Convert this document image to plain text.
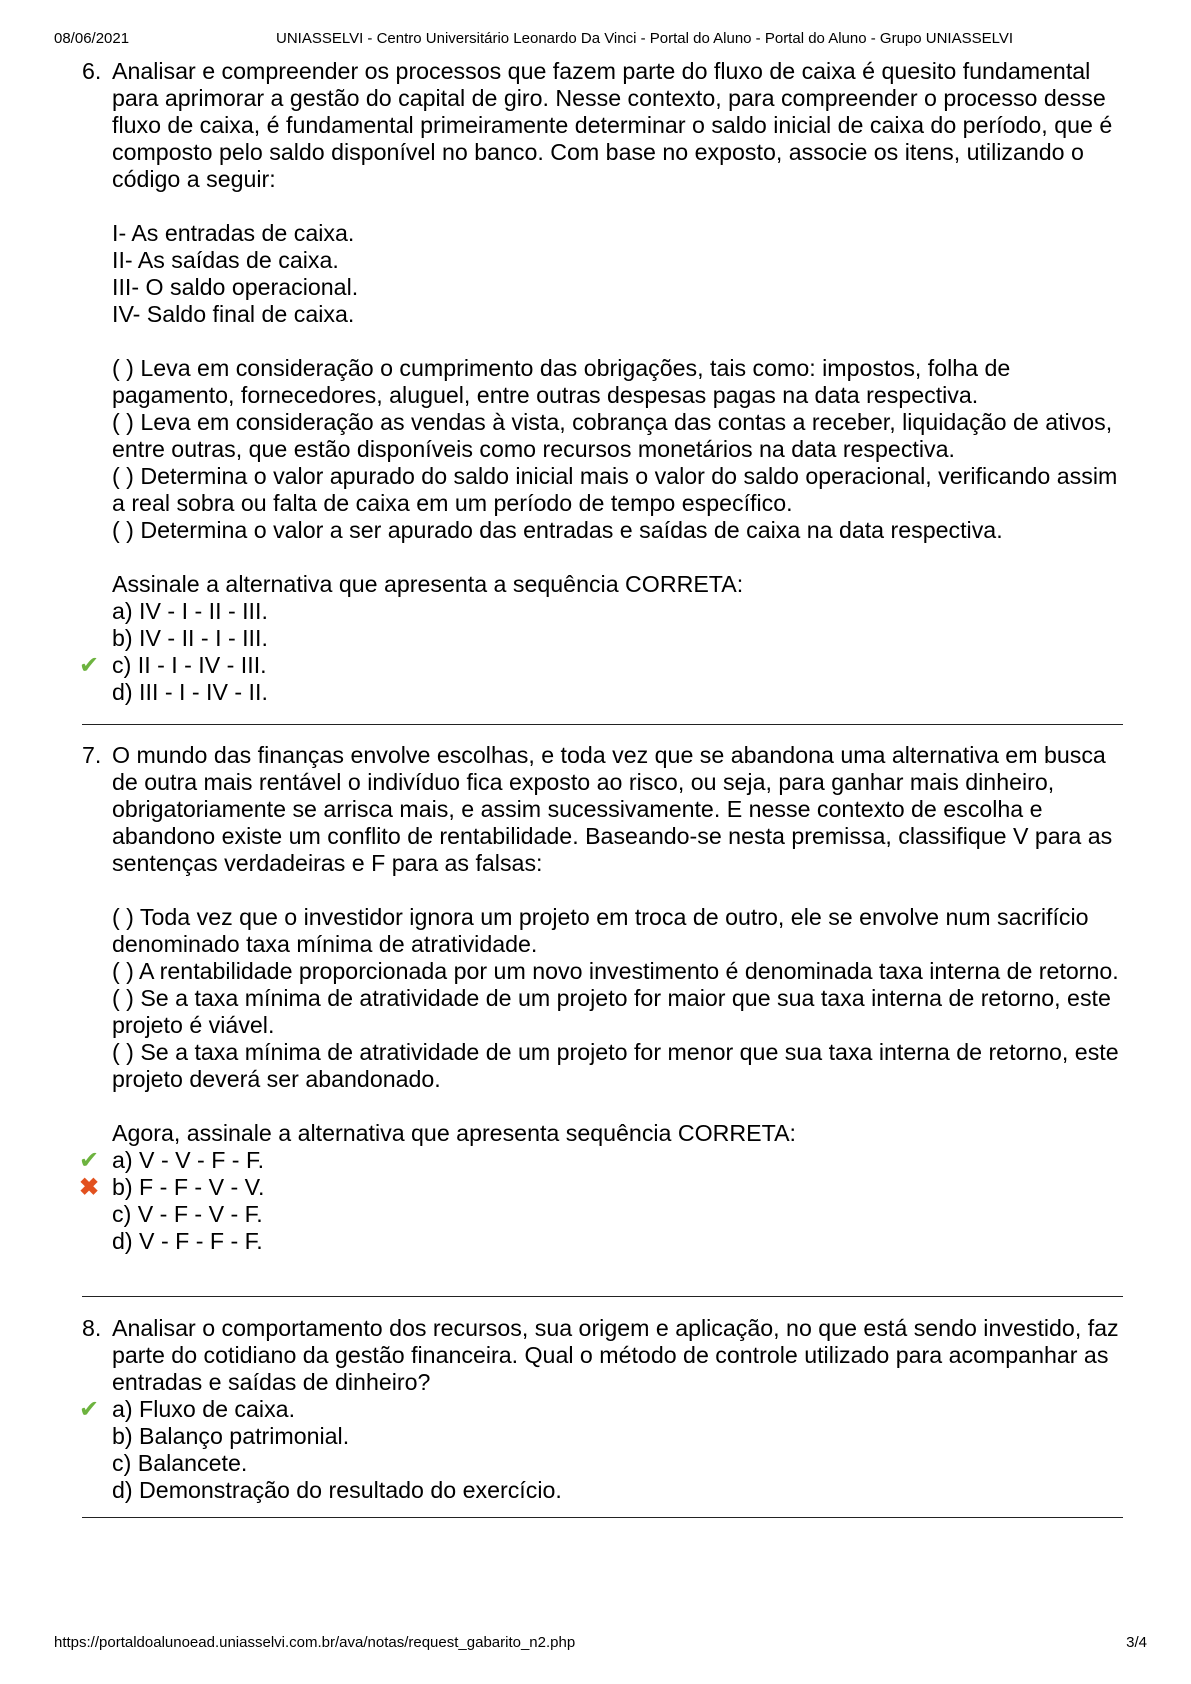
08/06/2021	UNIASSELVI - Centro Universitário Leonardo Da Vinci - Portal do Aluno - Portal do Aluno - Grupo UNIASSELVI
6. Analisar e compreender os processos que fazem parte do fluxo de caixa é quesito fundamental para aprimorar a gestão do capital de giro. Nesse contexto, para compreender o processo desse fluxo de caixa, é fundamental primeiramente determinar o saldo inicial de caixa do período, que é composto pelo saldo disponível no banco. Com base no exposto, associe os itens, utilizando o código a seguir:

I- As entradas de caixa.

II- As saídas de caixa.

III- O saldo operacional.

IV- Saldo final de caixa.

( ) Leva em consideração o cumprimento das obrigações, tais como: impostos, folha de pagamento, fornecedores, aluguel, entre outras despesas pagas na data respectiva.

( ) Leva em consideração as vendas à vista, cobrança das contas a receber, liquidação de ativos, entre outras, que estão disponíveis como recursos monetários na data respectiva.

( ) Determina o valor apurado do saldo inicial mais o valor do saldo operacional, verificando assim a real sobra ou falta de caixa em um período de tempo específico.

( ) Determina o valor a ser apurado das entradas e saídas de caixa na data respectiva.

Assinale a alternativa que apresenta a sequência CORRETA:

a) IV - I - II - III.

b) IV - II - I - III.

✔ c) II - I - IV - III.

d) III - I - IV - II.

7. O mundo das finanças envolve escolhas, e toda vez que se abandona uma alternativa em busca de outra mais rentável o indivíduo fica exposto ao risco, ou seja, para ganhar mais dinheiro, obrigatoriamente se arrisca mais, e assim sucessivamente. E nesse contexto de escolha e abandono existe um conflito de rentabilidade. Baseando-se nesta premissa, classifique V para as sentenças verdadeiras e F para as falsas:

( ) Toda vez que o investidor ignora um projeto em troca de outro, ele se envolve num sacrifício denominado taxa mínima de atratividade.

( ) A rentabilidade proporcionada por um novo investimento é denominada taxa interna de retorno.

( ) Se a taxa mínima de atratividade de um projeto for maior que sua taxa interna de retorno, este projeto é viável.

( ) Se a taxa mínima de atratividade de um projeto for menor que sua taxa interna de retorno, este projeto deverá ser abandonado.

Agora, assinale a alternativa que apresenta sequência CORRETA:

✔ a) V - V - F - F.

✖ b) F - F - V - V.

c) V - F - V - F.

d) V - F - F - F.

8. Analisar o comportamento dos recursos, sua origem e aplicação, no que está sendo investido, faz parte do cotidiano da gestão financeira. Qual o método de controle utilizado para acompanhar as entradas e saídas de dinheiro?

✔ a) Fluxo de caixa.

b) Balanço patrimonial.

c) Balancete.

d) Demonstração do resultado do exercício.

https://portaldoalunoead.uniasselvi.com.br/ava/notas/request_gabarito_n2.php	3/4
